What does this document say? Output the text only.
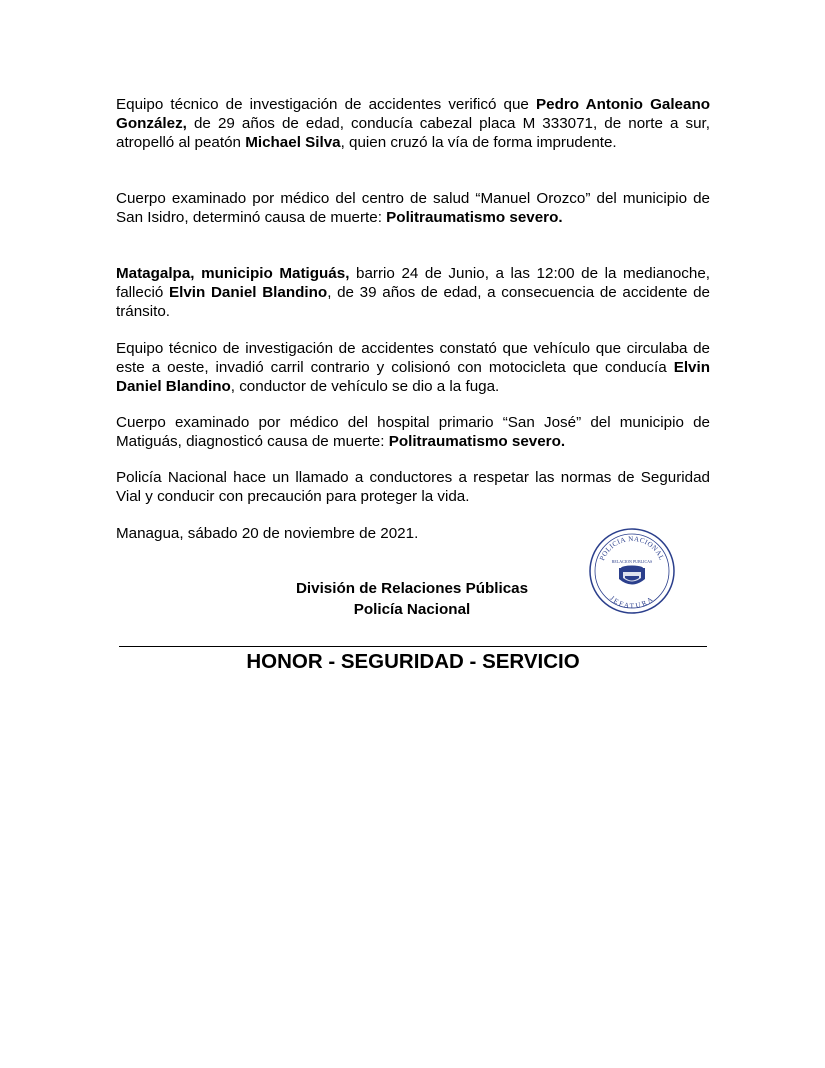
Equipo técnico de investigación de accidentes verificó que Pedro Antonio Galeano González, de 29 años de edad, conducía cabezal placa M 333071, de norte a sur, atropelló al peatón Michael Silva, quien cruzó la vía de forma imprudente.

Cuerpo examinado por médico del centro de salud “Manuel Orozco” del municipio de San Isidro, determinó causa de muerte: Politraumatismo severo.

Matagalpa, municipio Matiguás, barrio 24 de Junio, a las 12:00 de la medianoche, falleció Elvin Daniel Blandino, de 39 años de edad, a consecuencia de accidente de tránsito.

Equipo técnico de investigación de accidentes constató que vehículo que circulaba de este a oeste, invadió carril contrario y colisionó con motocicleta que conducía Elvin Daniel Blandino, conductor de vehículo se dio a la fuga.

Cuerpo examinado por médico del hospital primario “San José” del municipio de Matiguás, diagnosticó causa de muerte: Politraumatismo severo.

Policía Nacional hace un llamado a conductores a respetar las normas de Seguridad Vial y conducir con precaución para proteger la vida.

Managua, sábado 20 de noviembre de 2021.

División de Relaciones Públicas

Policía Nacional

POLICIA NACIONAL
JEFATURA
RELACION PUBLICAS

HONOR - SEGURIDAD - SERVICIO
